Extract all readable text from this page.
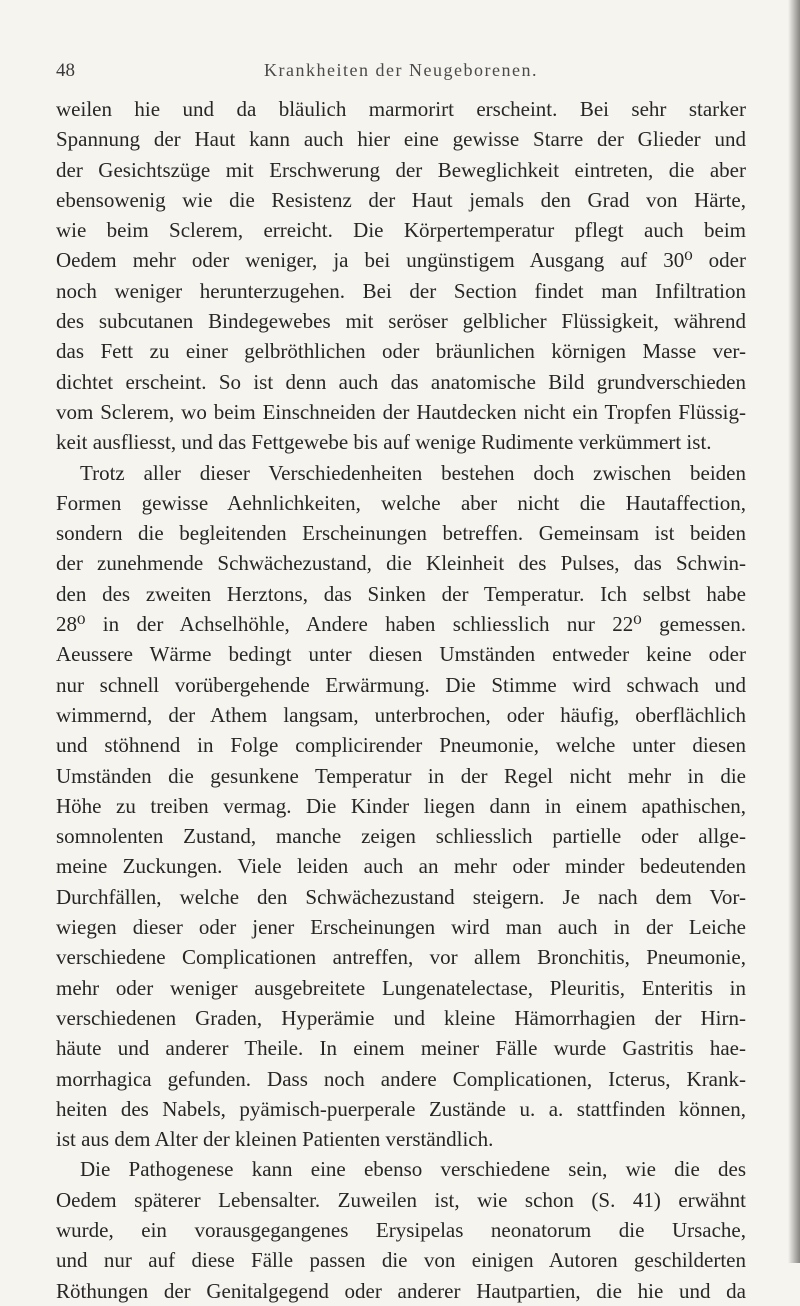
48	Krankheiten der Neugeborenen.
weilen hie und da bläulich marmorirt erscheint. Bei sehr starker
Spannung der Haut kann auch hier eine gewisse Starre der Glieder und
der Gesichtszüge mit Erschwerung der Beweglichkeit eintreten, die aber
ebensowenig wie die Resistenz der Haut jemals den Grad von Härte,
wie beim Sclerem, erreicht. Die Körpertemperatur pflegt auch beim
Oedem mehr oder weniger, ja bei ungünstigem Ausgang auf 30⁰ oder
noch weniger herunterzugehen. Bei der Section findet man Infiltration
des subcutanen Bindegewebes mit seröser gelblicher Flüssigkeit, während
das Fett zu einer gelbröthlichen oder bräunlichen körnigen Masse ver-
dichtet erscheint. So ist denn auch das anatomische Bild grundverschieden
vom Sclerem, wo beim Einschneiden der Hautdecken nicht ein Tropfen Flüssig-
keit ausfliesst, und das Fettgewebe bis auf wenige Rudimente verkümmert ist.
Trotz aller dieser Verschiedenheiten bestehen doch zwischen beiden
Formen gewisse Aehnlichkeiten, welche aber nicht die Hautaffection,
sondern die begleitenden Erscheinungen betreffen. Gemeinsam ist beiden
der zunehmende Schwächezustand, die Kleinheit des Pulses, das Schwin-
den des zweiten Herztons, das Sinken der Temperatur. Ich selbst habe
28⁰ in der Achselhöhle, Andere haben schliesslich nur 22⁰ gemessen.
Aeussere Wärme bedingt unter diesen Umständen entweder keine oder
nur schnell vorübergehende Erwärmung. Die Stimme wird schwach und
wimmernd, der Athem langsam, unterbrochen, oder häufig, oberflächlich
und stöhnend in Folge complicirender Pneumonie, welche unter diesen
Umständen die gesunkene Temperatur in der Regel nicht mehr in die
Höhe zu treiben vermag. Die Kinder liegen dann in einem apathischen,
somnolenten Zustand, manche zeigen schliesslich partielle oder allge-
meine Zuckungen. Viele leiden auch an mehr oder minder bedeutenden
Durchfällen, welche den Schwächezustand steigern. Je nach dem Vor-
wiegen dieser oder jener Erscheinungen wird man auch in der Leiche
verschiedene Complicationen antreffen, vor allem Bronchitis, Pneumonie,
mehr oder weniger ausgebreitete Lungenatelectase, Pleuritis, Enteritis in
verschiedenen Graden, Hyperämie und kleine Hämorrhagien der Hirn-
häute und anderer Theile. In einem meiner Fälle wurde Gastritis hae-
morrhagica gefunden. Dass noch andere Complicationen, Icterus, Krank-
heiten des Nabels, pyämisch-puerperale Zustände u. a. stattfinden können,
ist aus dem Alter der kleinen Patienten verständlich.
Die Pathogenese kann eine ebenso verschiedene sein, wie die des
Oedem späterer Lebensalter. Zuweilen ist, wie schon (S. 41) erwähnt
wurde, ein vorausgegangenes Erysipelas neonatorum die Ursache,
und nur auf diese Fälle passen die von einigen Autoren geschilderten
Röthungen der Genitalgegend oder anderer Hautpartien, die hie und da
